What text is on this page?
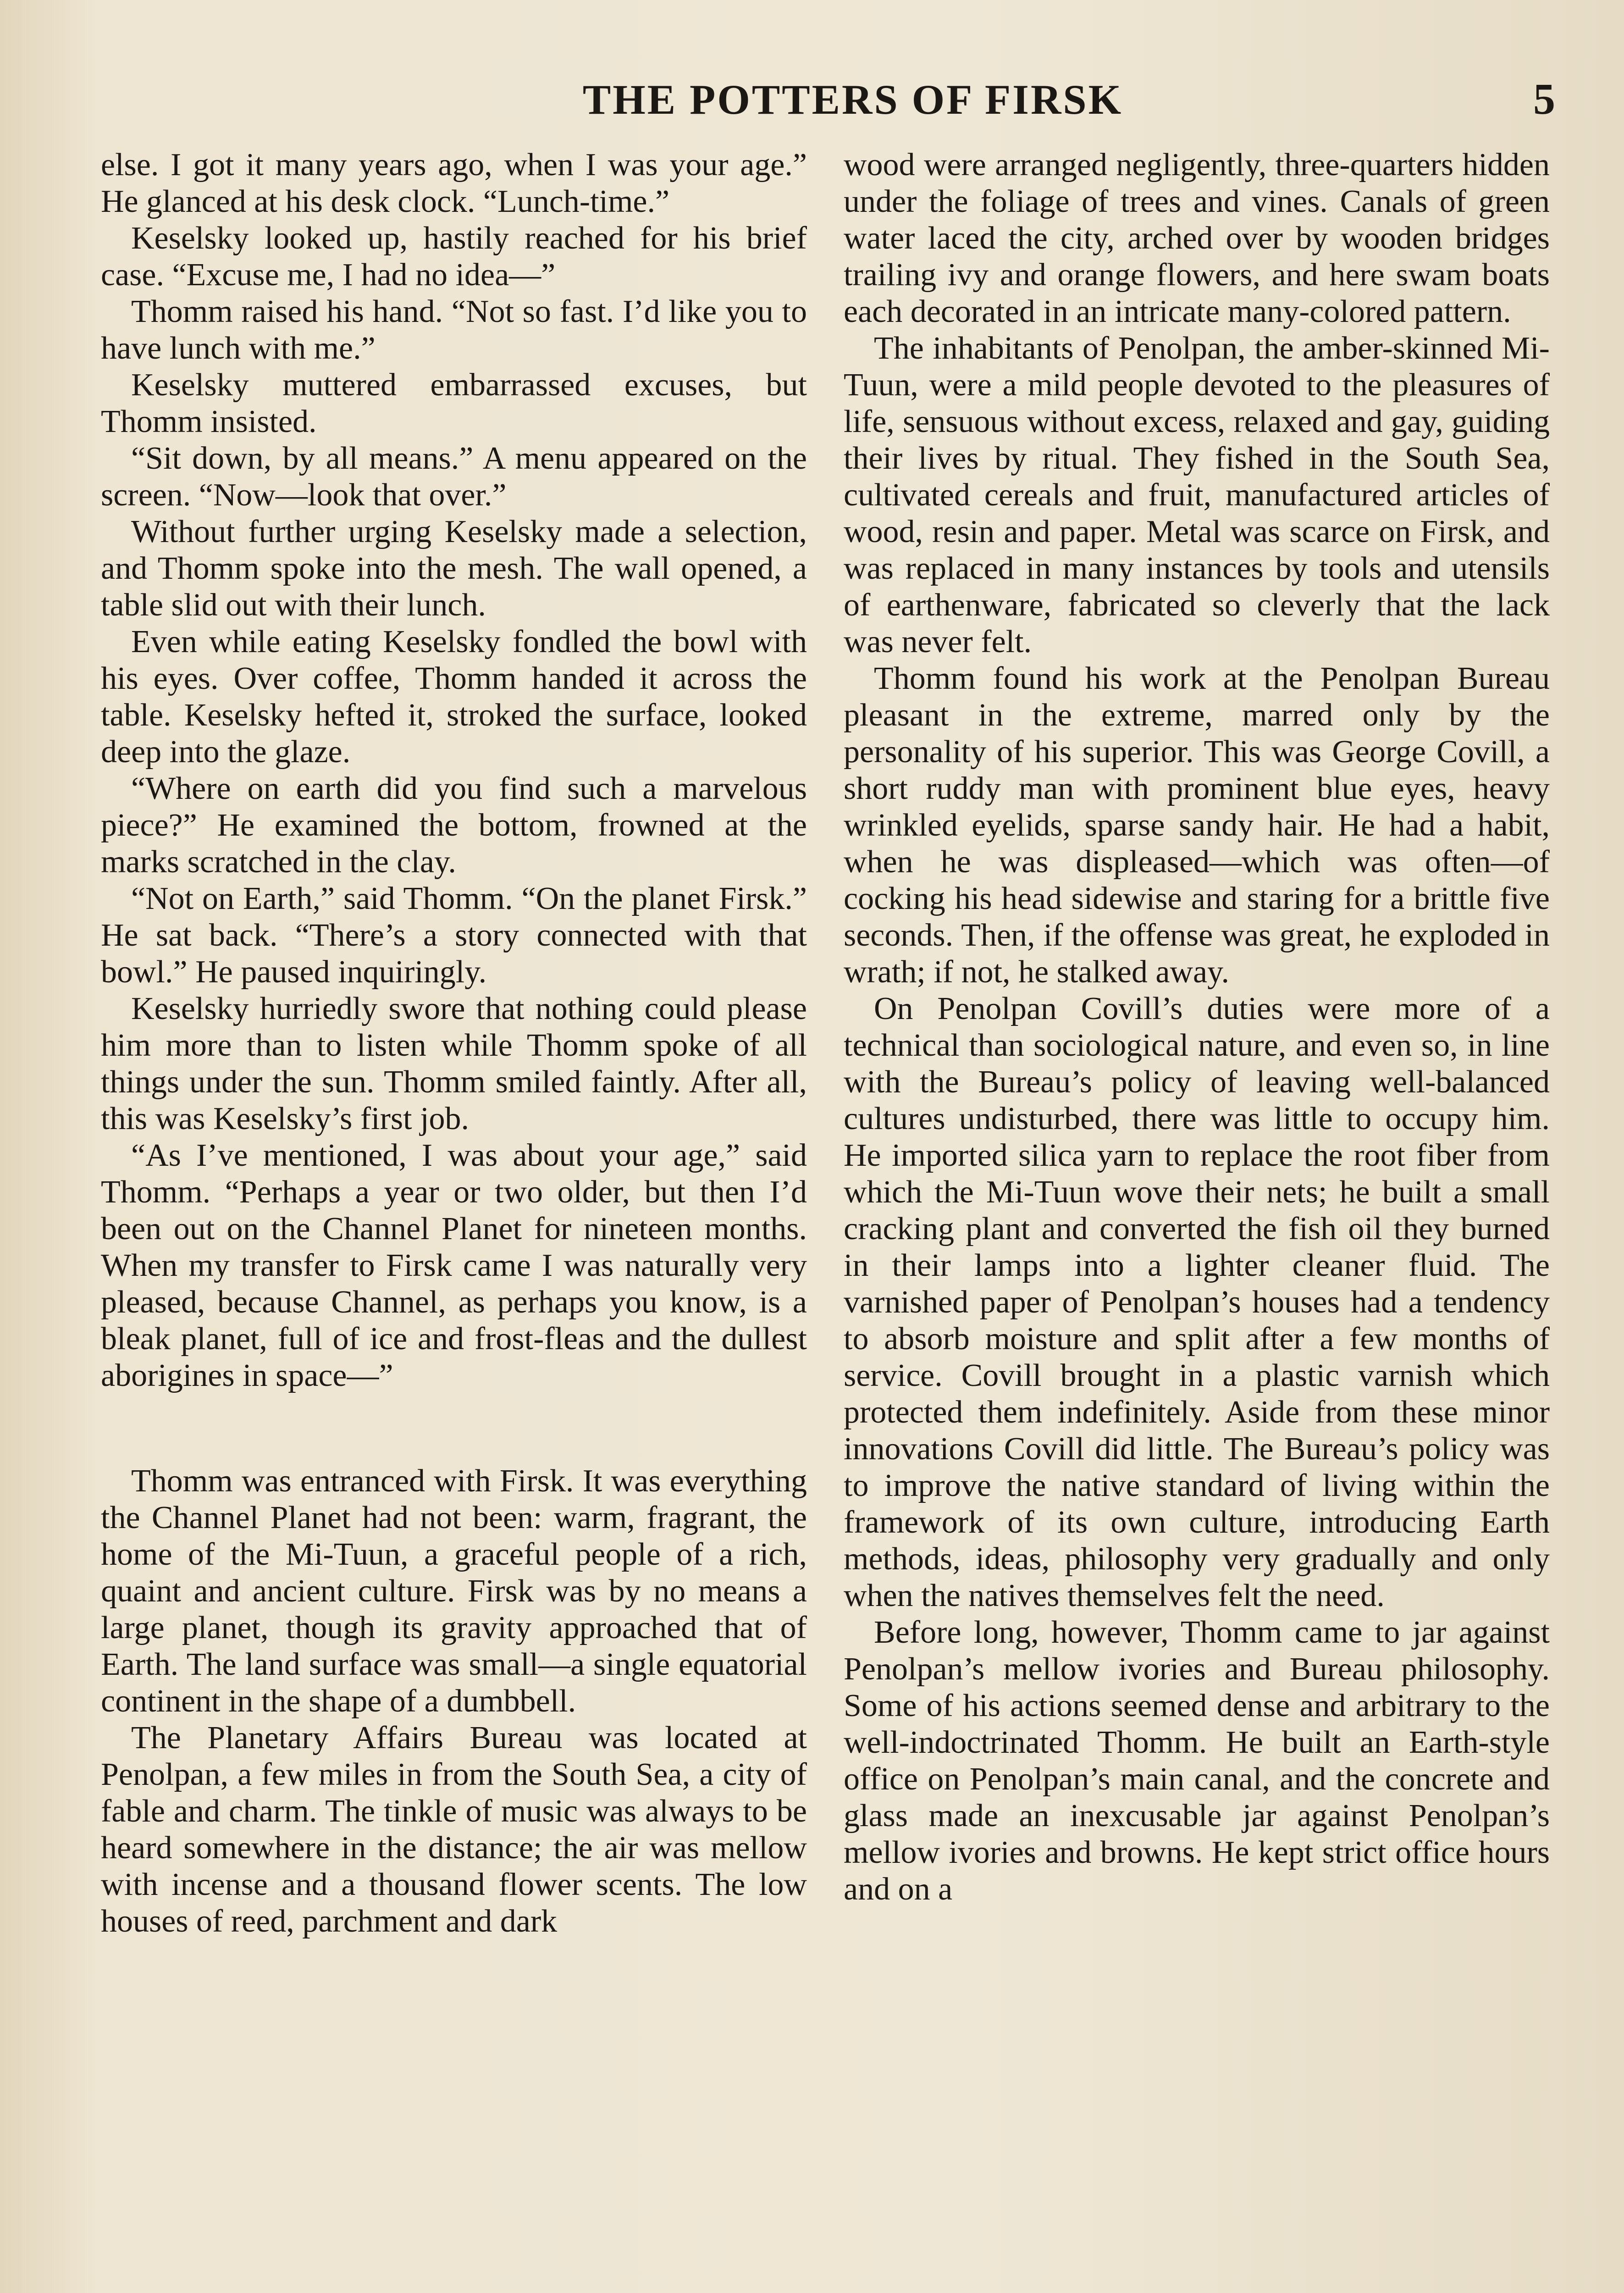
THE POTTERS OF FIRSK	5

else. I got it many years ago, when I was your age.” He glanced at his desk clock. “Lunch-time.”

Keselsky looked up, hastily reached for his brief case. “Excuse me, I had no idea—”

Thomm raised his hand. “Not so fast. I’d like you to have lunch with me.”

Keselsky muttered embarrassed excuses, but Thomm insisted.

“Sit down, by all means.” A menu appeared on the screen. “Now—look that over.”

Without further urging Keselsky made a selection, and Thomm spoke into the mesh. The wall opened, a table slid out with their lunch.

Even while eating Keselsky fondled the bowl with his eyes. Over coffee, Thomm handed it across the table. Keselsky hefted it, stroked the surface, looked deep into the glaze.

“Where on earth did you find such a marvelous piece?” He examined the bottom, frowned at the marks scratched in the clay.

“Not on Earth,” said Thomm. “On the planet Firsk.” He sat back. “There’s a story connected with that bowl.” He paused inquiringly.

Keselsky hurriedly swore that nothing could please him more than to listen while Thomm spoke of all things under the sun. Thomm smiled faintly. After all, this was Keselsky’s first job.

“As I’ve mentioned, I was about your age,” said Thomm. “Perhaps a year or two older, but then I’d been out on the Channel Planet for nineteen months. When my transfer to Firsk came I was naturally very pleased, because Channel, as perhaps you know, is a bleak planet, full of ice and frost-fleas and the dullest aborigines in space—”

Thomm was entranced with Firsk. It was everything the Channel Planet had not been: warm, fragrant, the home of the Mi-Tuun, a graceful people of a rich, quaint and ancient culture. Firsk was by no means a large planet, though its gravity approached that of Earth. The land surface was small—a single equatorial continent in the shape of a dumbbell.

The Planetary Affairs Bureau was located at Penolpan, a few miles in from the South Sea, a city of fable and charm. The tinkle of music was always to be heard somewhere in the distance; the air was mellow with incense and a thousand flower scents. The low houses of reed, parchment and dark

wood were arranged negligently, three-quarters hidden under the foliage of trees and vines. Canals of green water laced the city, arched over by wooden bridges trailing ivy and orange flowers, and here swam boats each decorated in an intricate many-colored pattern.

The inhabitants of Penolpan, the amber-skinned Mi-Tuun, were a mild people devoted to the pleasures of life, sensuous without excess, relaxed and gay, guiding their lives by ritual. They fished in the South Sea, cultivated cereals and fruit, manufactured articles of wood, resin and paper. Metal was scarce on Firsk, and was replaced in many instances by tools and utensils of earthenware, fabricated so cleverly that the lack was never felt.

Thomm found his work at the Penolpan Bureau pleasant in the extreme, marred only by the personality of his superior. This was George Covill, a short ruddy man with prominent blue eyes, heavy wrinkled eyelids, sparse sandy hair. He had a habit, when he was displeased—which was often—of cocking his head sidewise and staring for a brittle five seconds. Then, if the offense was great, he exploded in wrath; if not, he stalked away.

On Penolpan Covill’s duties were more of a technical than sociological nature, and even so, in line with the Bureau’s policy of leaving well-balanced cultures undisturbed, there was little to occupy him. He imported silica yarn to replace the root fiber from which the Mi-Tuun wove their nets; he built a small cracking plant and converted the fish oil they burned in their lamps into a lighter cleaner fluid. The varnished paper of Penolpan’s houses had a tendency to absorb moisture and split after a few months of service. Covill brought in a plastic varnish which protected them indefinitely. Aside from these minor innovations Covill did little. The Bureau’s policy was to improve the native standard of living within the framework of its own culture, introducing Earth methods, ideas, philosophy very gradually and only when the natives themselves felt the need.

Before long, however, Thomm came to jar against Penolpan’s mellow ivories and Bureau philosophy. Some of his actions seemed dense and arbitrary to the well-indoctrinated Thomm. He built an Earth-style office on Penolpan’s main canal, and the concrete and glass made an inexcusable jar against Penolpan’s mellow ivories and browns. He kept strict office hours and on a
